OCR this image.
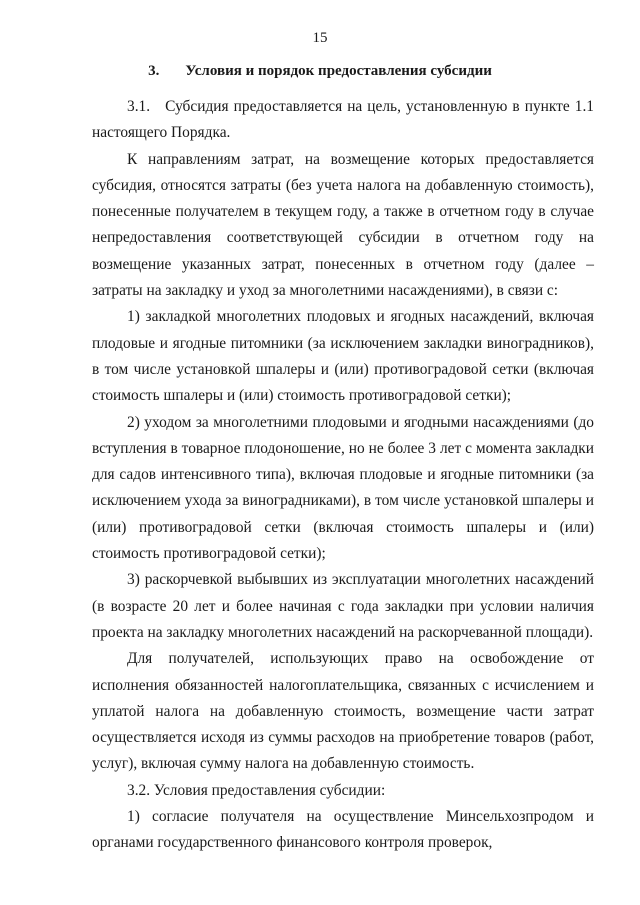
15
3. Условия и порядок предоставления субсидии

3.1.   Субсидия предоставляется на цель, установленную в пункте 1.1 настоящего Порядка.

К направлениям затрат, на возмещение которых предоставляется субсидия, относятся затраты (без учета налога на добавленную стоимость), понесенные получателем в текущем году, а также в отчетном году в случае непредоставления соответствующей субсидии в отчетном году на возмещение указанных затрат, понесенных в отчетном году (далее – затраты на закладку и уход за многолетними насаждениями), в связи с:

1) закладкой многолетних плодовых и ягодных насаждений, включая плодовые и ягодные питомники (за исключением закладки виноградников), в том числе установкой шпалеры и (или) противоградовой сетки (включая стоимость шпалеры и (или) стоимость противоградовой сетки);

2) уходом за многолетними плодовыми и ягодными насаждениями (до вступления в товарное плодоношение, но не более 3 лет с момента закладки для садов интенсивного типа), включая плодовые и ягодные питомники (за исключением ухода за виноградниками), в том числе установкой шпалеры и (или) противоградовой сетки (включая стоимость шпалеры и (или) стоимость противоградовой сетки);

3) раскорчевкой выбывших из эксплуатации многолетних насаждений (в возрасте 20 лет и более начиная с года закладки при условии наличия проекта на закладку многолетних насаждений на раскорчеванной площади).

Для получателей, использующих право на освобождение от исполнения обязанностей налогоплательщика, связанных с исчислением и уплатой налога на добавленную стоимость, возмещение части затрат осуществляется исходя из суммы расходов на приобретение товаров (работ, услуг), включая сумму налога на добавленную стоимость.

3.2. Условия предоставления субсидии:

1) согласие получателя на осуществление Минсельхозпродом и органами государственного финансового контроля проверок,
